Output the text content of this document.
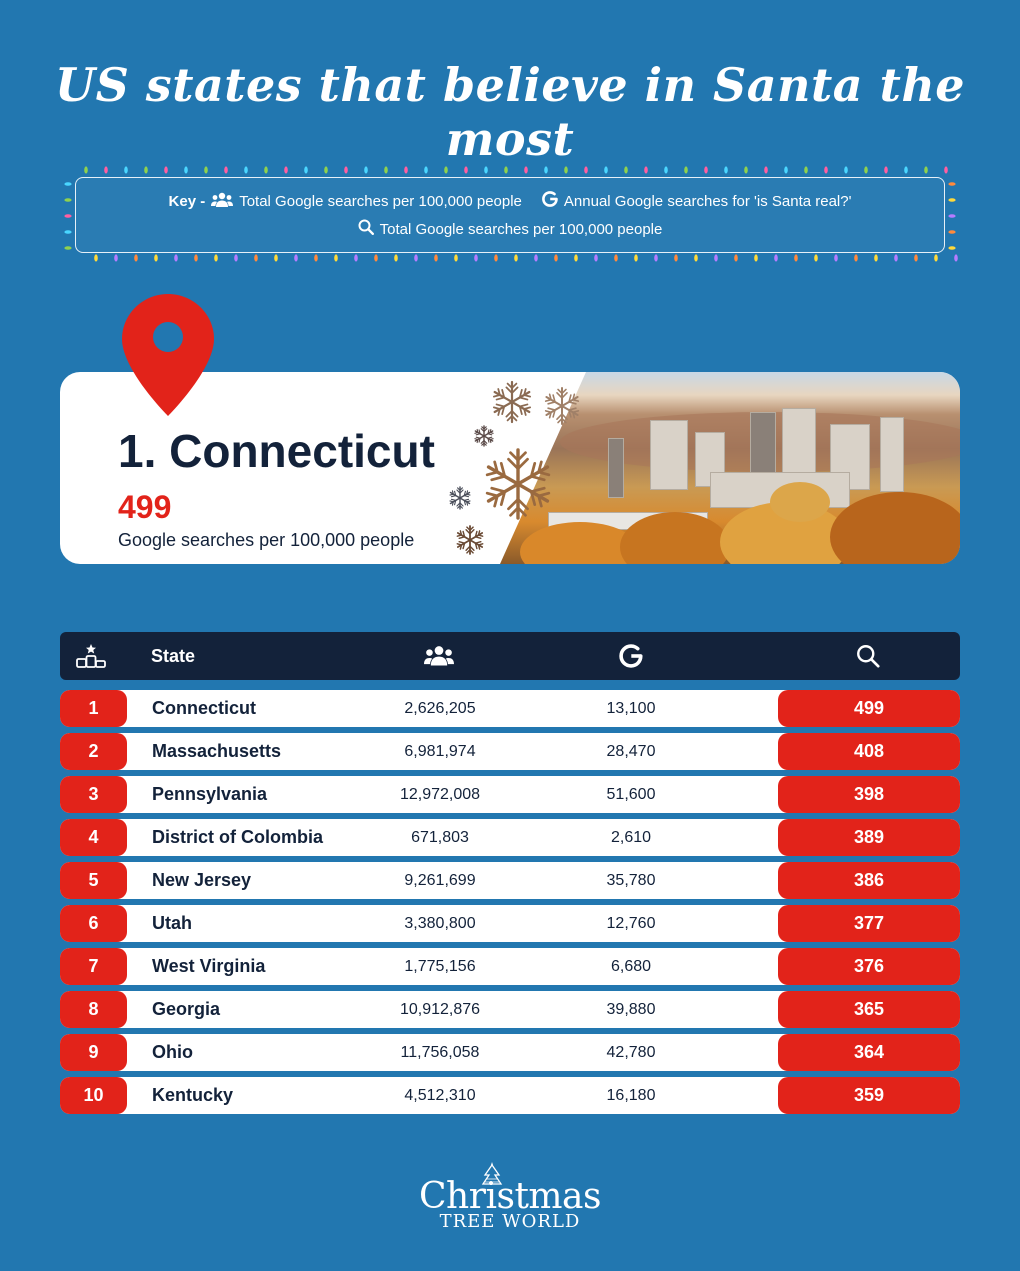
US states that believe in Santa the most
Key - Total Google searches per 100,000 people	Annual Google searches for 'is Santa real?'
Total Google searches per 100,000 people
1. Connecticut
499
Google searches per 100,000 people
State
1	Connecticut	2,626,205	13,100	499
2	Massachusetts	6,981,974	28,470	408
3	Pennsylvania	12,972,008	51,600	398
4	District of Colombia	671,803	2,610	389
5	New Jersey	9,261,699	35,780	386
6	Utah	3,380,800	12,760	377
7	West Virginia	1,775,156	6,680	376
8	Georgia	10,912,876	39,880	365
9	Ohio	11,756,058	42,780	364
10	Kentucky	4,512,310	16,180	359
Christmas
TREE WORLD
